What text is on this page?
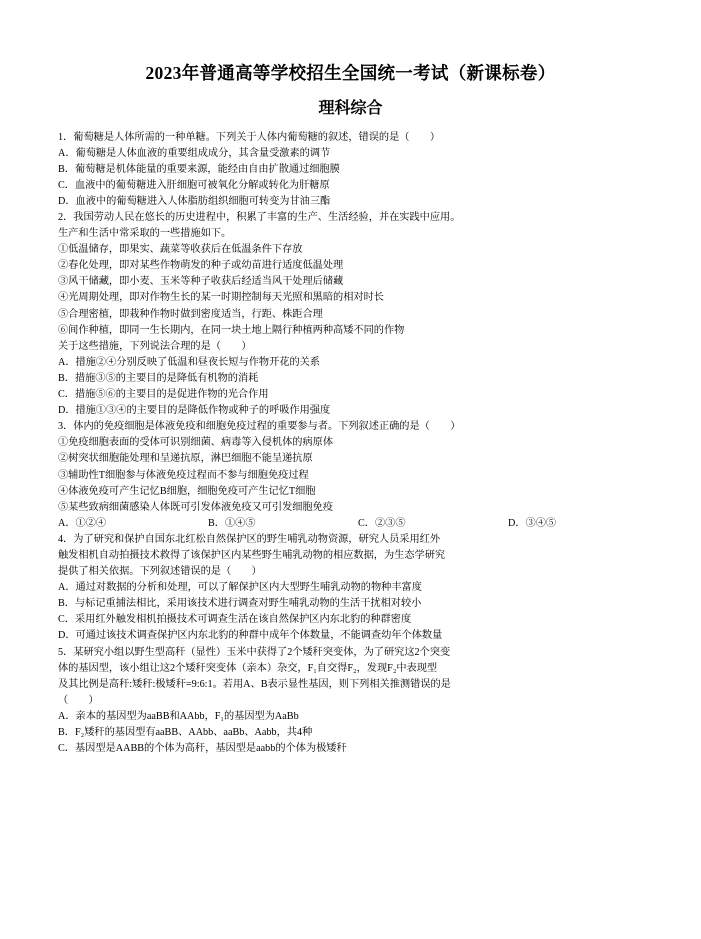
2023年普通高等学校招生全国统一考试（新课标卷）
理科综合

1．葡萄糖是人体所需的一种单糖。下列关于人体内葡萄糖的叙述，错误的是（　　）

A．葡萄糖是人体血液的重要组成成分，其含量受激素的调节

B．葡萄糖是机体能量的重要来源，能经由自由扩散通过细胞膜

C．血液中的葡萄糖进入肝细胞可被氧化分解或转化为肝糖原

D．血液中的葡萄糖进入人体脂肪组织细胞可转变为甘油三酯

2．我国劳动人民在悠长的历史进程中，积累了丰富的生产、生活经验，并在实践中应用。

生产和生活中常采取的一些措施如下。

①低温储存，即果实、蔬菜等收获后在低温条件下存放

②春化处理，即对某些作物萌发的种子或幼苗进行适度低温处理

③风干储藏，即小麦、玉米等种子收获后经适当风干处理后储藏

④光周期处理，即对作物生长的某一时期控制每天光照和黑暗的相对时长

⑤合理密植，即栽种作物时做到密度适当，行距、株距合理

⑥间作种植，即同一生长期内，在同一块土地上隔行种植两种高矮不同的作物

关于这些措施，下列说法合理的是（　　）

A．措施②④分别反映了低温和昼夜长短与作物开花的关系

B．措施③⑤的主要目的是降低有机物的消耗

C．措施⑤⑥的主要目的是促进作物的光合作用

D．措施①③④的主要目的是降低作物或种子的呼吸作用强度

3．体内的免疫细胞是体液免疫和细胞免疫过程的重要参与者。下列叙述正确的是（　　）

①免疫细胞表面的受体可识别细菌、病毒等入侵机体的病原体

②树突状细胞能处理和呈递抗原，淋巴细胞不能呈递抗原

③辅助性T细胞参与体液免疫过程而不参与细胞免疫过程

④体液免疫可产生记忆B细胞，细胞免疫可产生记忆T细胞

⑤某些致病细菌感染人体既可引发体液免疫又可引发细胞免疫

A．①②④	B．①④⑤	C．②③⑤	D．③④⑤

4．为了研究和保护自国东北红松自然保护区的野生哺乳动物资源，研究人员采用红外

触发相机自动拍摄技术救得了该保护区内某些野生哺乳动物的相应数据，为生态学研究

提供了相关依据。下列叙述错误的是（　　）

A．通过对数据的分析和处理，可以了解保护区内大型野生哺乳动物的物种丰富度

B．与标记重捕法相比，采用该技术进行调查对野生哺乳动物的生活干扰相对较小

C．采用红外触发相机拍摄技术可调查生活在该自然保护区内东北豹的种群密度

D．可通过该技术调查保护区内东北豹的种群中成年个体数量，不能调查幼年个体数量

5．某研究小组以野生型高秆（显性）玉米中获得了2个矮秆突变体，为了研究这2个突变

体的基因型，该小组让这2个矮秆突变体（亲本）杂交，F₁自交得F₂，发现F₂中表现型

及其比例是高秆:矮秆:极矮秆=9:6:1。若用A、B表示显性基因，则下列相关推测错误的是

（　　）

A．亲本的基因型为aaBB和AAbb，F₁的基因型为AaBb

B．F₂矮秆的基因型有aaBB、AAbb、aaBb、Aabb，共4种

C．基因型是AABB的个体为高秆，基因型是aabb的个体为极矮秆
